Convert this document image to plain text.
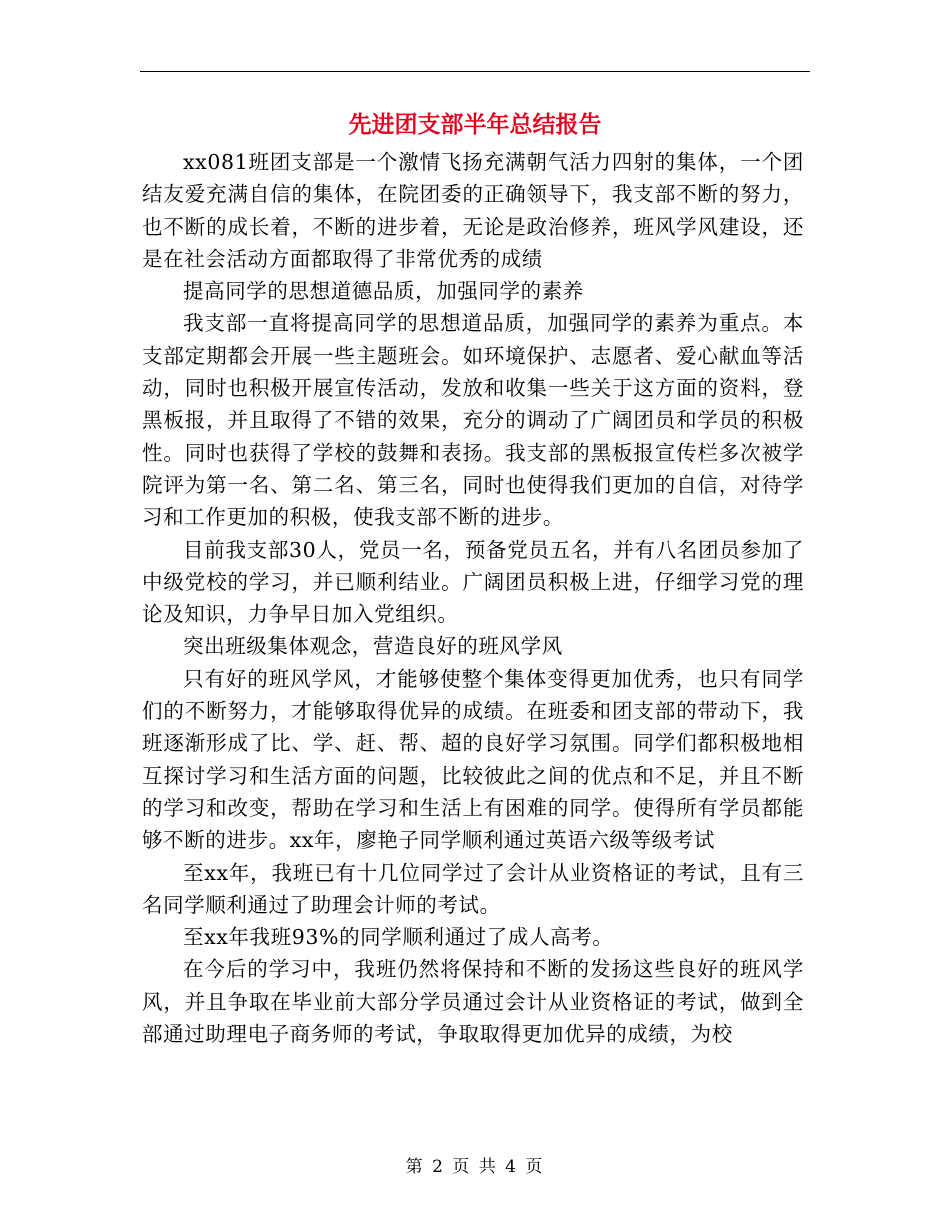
先进团支部半年总结报告

xx081班团支部是一个激情飞扬充满朝气活力四射的集体，一个团结友爱充满自信的集体，在院团委的正确领导下，我支部不断的努力，也不断的成长着，不断的进步着，无论是政治修养，班风学风建设，还是在社会活动方面都取得了非常优秀的成绩

提高同学的思想道德品质，加强同学的素养

我支部一直将提高同学的思想道品质，加强同学的素养为重点。本支部定期都会开展一些主题班会。如环境保护、志愿者、爱心献血等活动，同时也积极开展宣传活动，发放和收集一些关于这方面的资料，登黑板报，并且取得了不错的效果，充分的调动了广阔团员和学员的积极性。同时也获得了学校的鼓舞和表扬。我支部的黑板报宣传栏多次被学院评为第一名、第二名、第三名，同时也使得我们更加的自信，对待学习和工作更加的积极，使我支部不断的进步。

目前我支部30人，党员一名，预备党员五名，并有八名团员参加了中级党校的学习，并已顺利结业。广阔团员积极上进，仔细学习党的理论及知识，力争早日加入党组织。

突出班级集体观念，营造良好的班风学风

只有好的班风学风，才能够使整个集体变得更加优秀，也只有同学们的不断努力，才能够取得优异的成绩。在班委和团支部的带动下，我班逐渐形成了比、学、赶、帮、超的良好学习氛围。同学们都积极地相互探讨学习和生活方面的问题，比较彼此之间的优点和不足，并且不断的学习和改变，帮助在学习和生活上有困难的同学。使得所有学员都能够不断的进步。xx年，廖艳子同学顺利通过英语六级等级考试

至xx年，我班已有十几位同学过了会计从业资格证的考试，且有三名同学顺利通过了助理会计师的考试。

至xx年我班93%的同学顺利通过了成人高考。

在今后的学习中，我班仍然将保持和不断的发扬这些良好的班风学风，并且争取在毕业前大部分学员通过会计从业资格证的考试，做到全部通过助理电子商务师的考试，争取取得更加优异的成绩，为校

第 2 页 共 4 页
